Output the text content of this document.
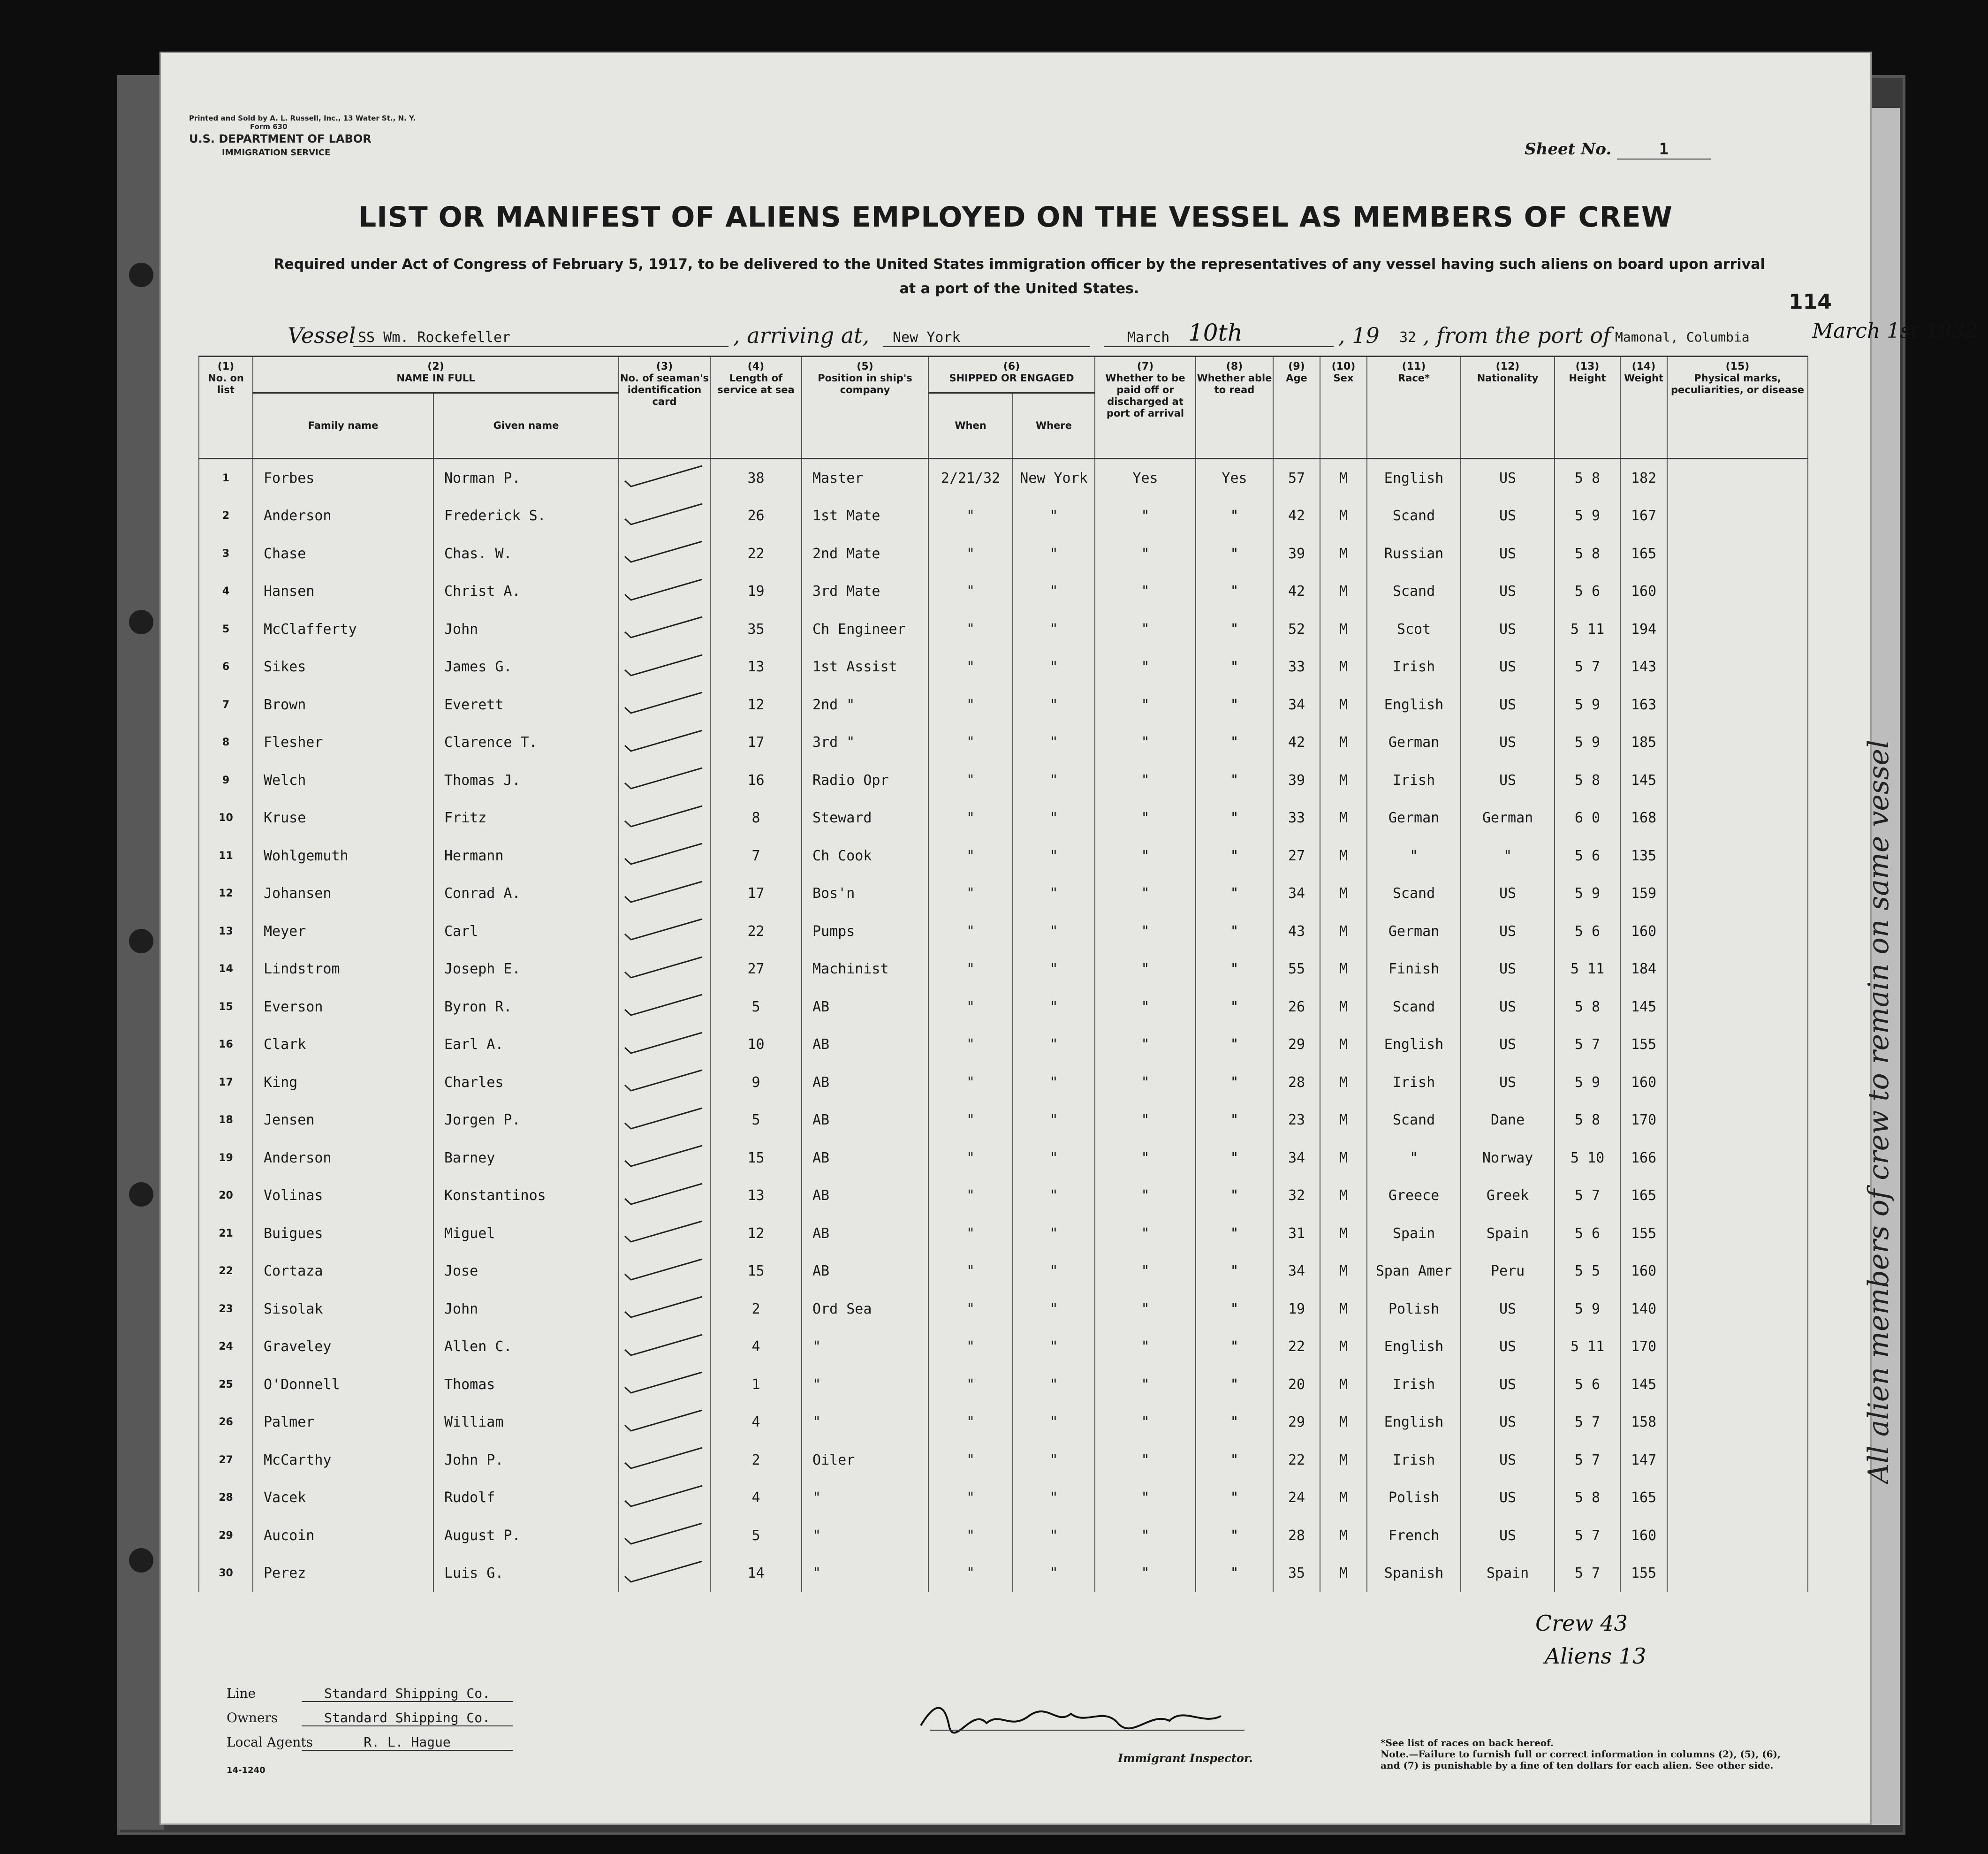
Printed and Sold by A. L. Russell, Inc., 13 Water St., N. Y.
Form 630
U.S. DEPARTMENT OF LABOR
IMMIGRATION SERVICE	Sheet No.	1
LIST OR MANIFEST OF ALIENS EMPLOYED ON THE VESSEL AS MEMBERS OF CREW
Required under Act of Congress of February 5, 1917, to be delivered to the United States immigration officer by the representatives of any vessel having such aliens on board upon arrival at a port of the United States.
114
Vessel SS Wm. Rockefeller	, arriving at, New York	March 10th	, 19 32 , from the port of Mamonal, Columbia	March 1st 1932
(1)
No. on list	(2)
NAME IN FULL		(3)
No. of seaman's identification card	(4)
Length of service at sea	(5)
Position in ship's company	(6)
SHIPPED OR ENGAGED		(7)
Whether to be paid off or discharged at port of arrival	(8)
Whether able to read	(9)
Age	(10)
Sex	(11)
Race*	(12)
Nationality	(13)
Height	(14)
Weight	(15)
Physical marks, peculiarities, or disease
	Family name	Given name				When	Where									
1	Forbes	Norman P.		38	Master	2/21/32	New York	Yes	Yes	57	M	English	US	5 8	182	
2	Anderson	Frederick S.		26	1st Mate	"	"	"	"	42	M	Scand	US	5 9	167	
3	Chase	Chas. W.		22	2nd Mate	"	"	"	"	39	M	Russian	US	5 8	165	
4	Hansen	Christ A.		19	3rd Mate	"	"	"	"	42	M	Scand	US	5 6	160	
5	McClafferty	John		35	Ch Engineer	"	"	"	"	52	M	Scot	US	5 11	194	
6	Sikes	James G.		13	1st Assist	"	"	"	"	33	M	Irish	US	5 7	143	
7	Brown	Everett		12	2nd "	"	"	"	"	34	M	English	US	5 9	163	
8	Flesher	Clarence T.		17	3rd "	"	"	"	"	42	M	German	US	5 9	185	
9	Welch	Thomas J.		16	Radio Opr	"	"	"	"	39	M	Irish	US	5 8	145	
10	Kruse	Fritz		8	Steward	"	"	"	"	33	M	German	German	6 0	168	
11	Wohlgemuth	Hermann		7	Ch Cook	"	"	"	"	27	M	"	"	5 6	135	
12	Johansen	Conrad A.		17	Bos'n	"	"	"	"	34	M	Scand	US	5 9	159	
13	Meyer	Carl		22	Pumps	"	"	"	"	43	M	German	US	5 6	160	
14	Lindstrom	Joseph E.		27	Machinist	"	"	"	"	55	M	Finish	US	5 11	184	
15	Everson	Byron R.		5	AB	"	"	"	"	26	M	Scand	US	5 8	145	
16	Clark	Earl A.		10	AB	"	"	"	"	29	M	English	US	5 7	155	
17	King	Charles		9	AB	"	"	"	"	28	M	Irish	US	5 9	160	
18	Jensen	Jorgen P.		5	AB	"	"	"	"	23	M	Scand	Dane	5 8	170	
19	Anderson	Barney		15	AB	"	"	"	"	34	M	"	Norway	5 10	166	
20	Volinas	Konstantinos		13	AB	"	"	"	"	32	M	Greece	Greek	5 7	165	
21	Buigues	Miguel		12	AB	"	"	"	"	31	M	Spain	Spain	5 6	155	
22	Cortaza	Jose		15	AB	"	"	"	"	34	M	Span Amer	Peru	5 5	160	
23	Sisolak	John		2	Ord Sea	"	"	"	"	19	M	Polish	US	5 9	140	
24	Graveley	Allen C.		4	"	"	"	"	"	22	M	English	US	5 11	170	
25	O'Donnell	Thomas		1	"	"	"	"	"	20	M	Irish	US	5 6	145	
26	Palmer	William		4	"	"	"	"	"	29	M	English	US	5 7	158	
27	McCarthy	John P.		2	Oiler	"	"	"	"	22	M	Irish	US	5 7	147	
28	Vacek	Rudolf		4	"	"	"	"	"	24	M	Polish	US	5 8	165	
29	Aucoin	August P.		5	"	"	"	"	"	28	M	French	US	5 7	160	
30	Perez	Luis G.		14	"	"	"	"	"	35	M	Spanish	Spain	5 7	155	
All alien members of crew to remain on same vessel
Crew 43
Aliens 13
Line	Standard Shipping Co.
Owners	Standard Shipping Co.
Local Agents	R. L. Hague
14-1240
Immigrant Inspector.
*See list of races on back hereof.
Note.—Failure to furnish full or correct information in columns (2), (5), (6), and (7) is punishable by a fine of ten dollars for each alien. See other side.
